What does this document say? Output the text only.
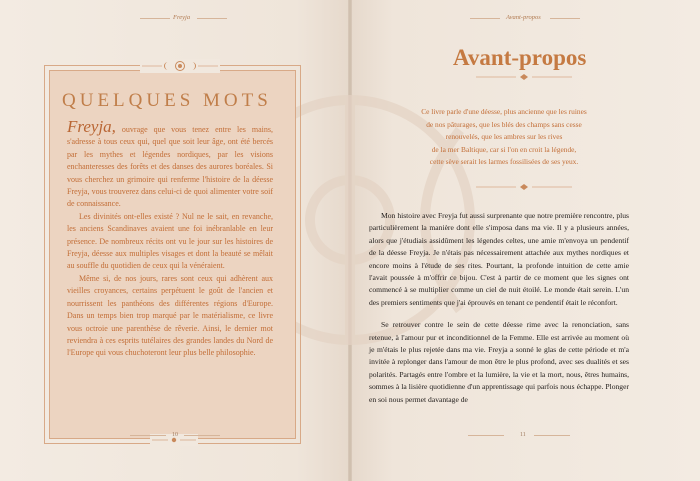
Freyja
QUELQUES MOTS

Freyja, ouvrage que vous tenez entre les mains, s'adresse à tous ceux qui, quel que soit leur âge, ont été bercés par les mythes et légendes nordiques, par les visions enchanteresses des forêts et des danses des aurores boréales. Si vous cherchez un grimoire qui renferme l'histoire de la déesse Freyja, vous trouverez dans celui-ci de quoi alimenter votre soif de connaissance.

Les divinités ont-elles existé ? Nul ne le sait, en revanche, les anciens Scandinaves avaient une foi inébranlable en leur présence. De nombreux récits ont vu le jour sur les histoires de Freyja, déesse aux multiples visages et dont la beauté se mêlait au souffle du quotidien de ceux qui la vénéraient.

Même si, de nos jours, rares sont ceux qui adhèrent aux vieilles croyances, certains perpétuent le goût de l'ancien et nourrissent les panthéons des différentes régions d'Europe. Dans un temps bien trop marqué par le matérialisme, ce livre vous octroie une parenthèse de rêverie. Ainsi, le dernier mot reviendra à ces esprits tutélaires des grandes landes du Nord de l'Europe qui vous chuchoteront leur plus belle philosophie.

10
Avant-propos
Avant-propos
Ce livre parle d'une déesse, plus ancienne que les ruines
de nos pâturages, que les blés des champs sans cesse
renouvelés, que les ambres sur les rives
de la mer Baltique, car si l'on en croit la légende,
cette sève serait les larmes fossilisées de ses yeux.

Mon histoire avec Freyja fut aussi surprenante que notre première rencontre, plus particulièrement la manière dont elle s'imposa dans ma vie. Il y a plusieurs années, alors que j'étudiais assidûment les légendes celtes, une amie m'envoya un pendentif de la déesse Freyja. Je n'étais pas nécessairement attachée aux mythes nordiques et encore moins à l'étude de ses rites. Pourtant, la profonde intuition de cette amie l'avait poussée à m'offrir ce bijou. C'est à partir de ce moment que les signes ont commencé à se multiplier comme un ciel de nuit étoilé. Le monde était serein. L'un des premiers sentiments que j'ai éprouvés en tenant ce pendentif était le réconfort.

Se retrouver contre le sein de cette déesse rime avec la renonciation, sans retenue, à l'amour pur et inconditionnel de la Femme. Elle est arrivée au moment où je m'étais le plus rejetée dans ma vie. Freyja a sonné le glas de cette période et m'a invitée à replonger dans l'amour de mon être le plus profond, avec ses dualités et ses polarités. Partagés entre l'ombre et la lumière, la vie et la mort, nous, êtres humains, sommes à la lisière quotidienne d'un apprentissage qui parfois nous échappe. Plonger en soi nous permet davantage de

11
